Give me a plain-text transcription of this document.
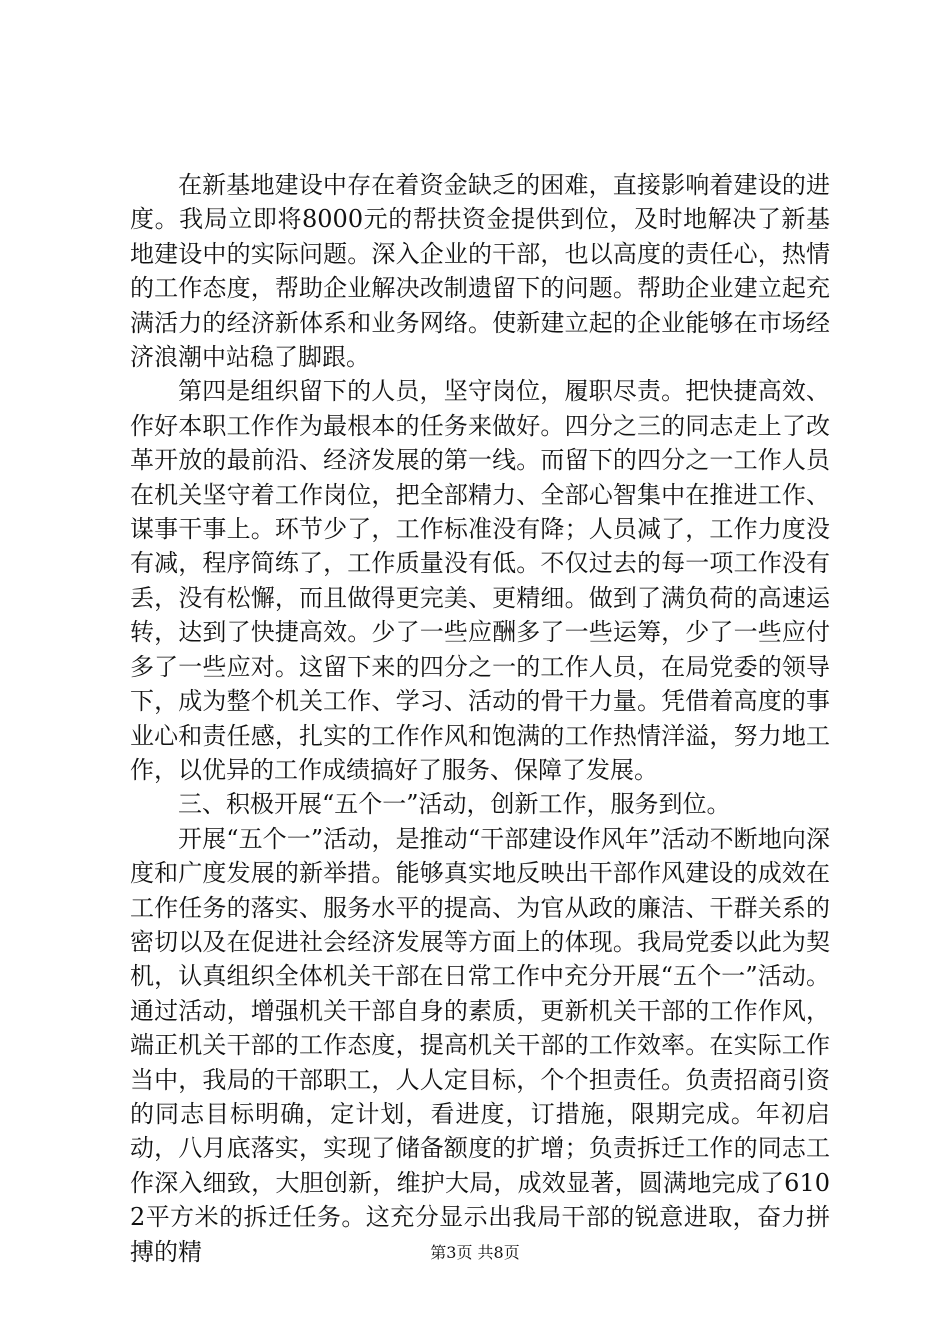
在新基地建设中存在着资金缺乏的困难，直接影响着建设的进度。我局立即将8000元的帮扶资金提供到位，及时地解决了新基地建设中的实际问题。深入企业的干部，也以高度的责任心，热情的工作态度，帮助企业解决改制遗留下的问题。帮助企业建立起充满活力的经济新体系和业务网络。使新建立起的企业能够在市场经济浪潮中站稳了脚跟。

第四是组织留下的人员，坚守岗位，履职尽责。把快捷高效、作好本职工作作为最根本的任务来做好。四分之三的同志走上了改革开放的最前沿、经济发展的第一线。而留下的四分之一工作人员在机关坚守着工作岗位，把全部精力、全部心智集中在推进工作、谋事干事上。环节少了，工作标准没有降；人员减了，工作力度没有减，程序简练了，工作质量没有低。不仅过去的每一项工作没有丢，没有松懈，而且做得更完美、更精细。做到了满负荷的高速运转，达到了快捷高效。少了一些应酬多了一些运筹，少了一些应付多了一些应对。这留下来的四分之一的工作人员，在局党委的领导下，成为整个机关工作、学习、活动的骨干力量。凭借着高度的事业心和责任感，扎实的工作作风和饱满的工作热情洋溢，努力地工作，以优异的工作成绩搞好了服务、保障了发展。

三、积极开展“五个一”活动，创新工作，服务到位。

开展“五个一”活动，是推动“干部建设作风年”活动不断地向深度和广度发展的新举措。能够真实地反映出干部作风建设的成效在工作任务的落实、服务水平的提高、为官从政的廉洁、干群关系的密切以及在促进社会经济发展等方面上的体现。我局党委以此为契机，认真组织全体机关干部在日常工作中充分开展“五个一”活动。通过活动，增强机关干部自身的素质，更新机关干部的工作作风，端正机关干部的工作态度，提高机关干部的工作效率。在实际工作当中，我局的干部职工，人人定目标，个个担责任。负责招商引资的同志目标明确，定计划，看进度，订措施，限期完成。年初启动，八月底落实，实现了储备额度的扩增；负责拆迁工作的同志工作深入细致，大胆创新，维护大局，成效显著，圆满地完成了6102平方米的拆迁任务。这充分显示出我局干部的锐意进取，奋力拼搏的精	第3页 共8页
